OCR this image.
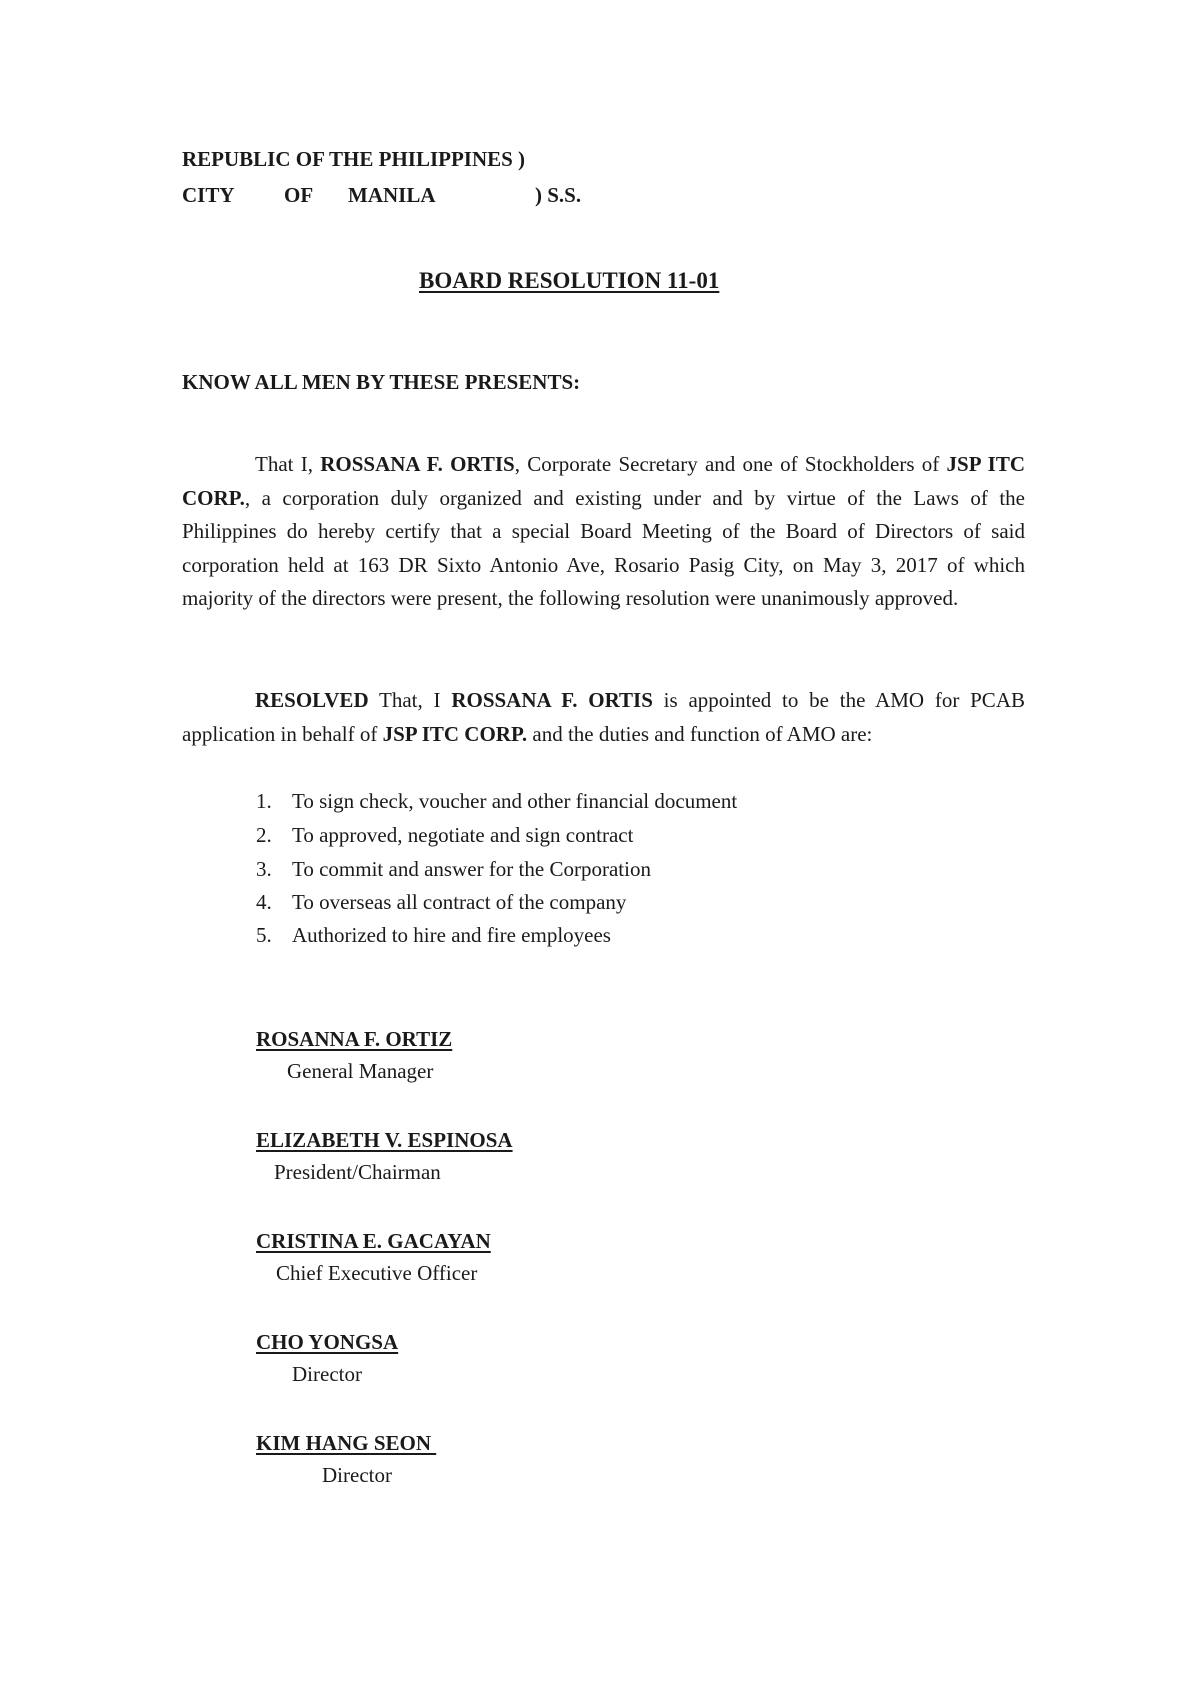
REPUBLIC OF THE PHILIPPINES )
CITY OF MANILA	) S.S.
BOARD RESOLUTION 11-01
KNOW ALL MEN BY THESE PRESENTS:
That I, ROSSANA F. ORTIS, Corporate Secretary and one of Stockholders of JSP ITC CORP., a corporation duly organized and existing under and by virtue of the Laws of the Philippines do hereby certify that a special Board Meeting of the Board of Directors of said corporation held at 163 DR Sixto Antonio Ave, Rosario Pasig City, on May 3, 2017 of which majority of the directors were present, the following resolution were unanimously approved.
RESOLVED That, I ROSSANA F. ORTIS is appointed to be the AMO for PCAB application in behalf of JSP ITC CORP. and the duties and function of AMO are:
1. To sign check, voucher and other financial document
2. To approved, negotiate and sign contract
3. To commit and answer for the Corporation
4. To overseas all contract of the company
5. Authorized to hire and fire employees
ROSANNA F. ORTIZ
General Manager
ELIZABETH V. ESPINOSA
President/Chairman
CRISTINA E. GACAYAN
Chief Executive Officer
CHO YONGSA
Director
KIM HANG SEON
Director
